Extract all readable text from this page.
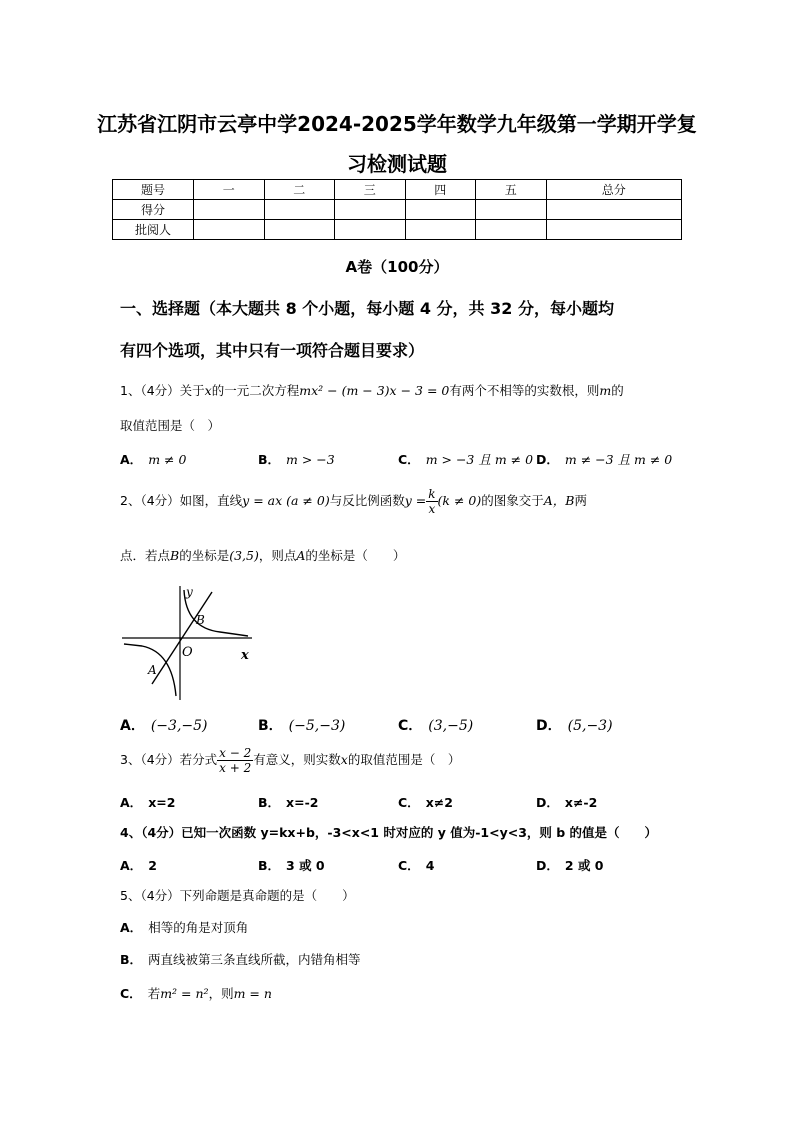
江苏省江阴市云亭中学2024-2025学年数学九年级第一学期开学复
习检测试题
题号	一	二	三	四	五	总分
得分						
批阅人						
A卷（100分）
一、选择题（本大题共 8 个小题，每小题 4 分，共 32 分，每小题均
有四个选项，其中只有一项符合题目要求）
1、（4分）关于x的一元二次方程mx² − (m − 3)x − 3 = 0有两个不相等的实数根，则m的
取值范围是（　）
A． m ≠ 0	B． m > −3	C． m > −3 且 m ≠ 0 D． m ≠ −3 且 m ≠ 0
2、（4分）如图，直线y = ax (a ≠ 0)与反比例函数$y = \frac{k}{x} (k \ne 0)$的图象交于A，B两
点．若点B的坐标是(3,5)，则点A的坐标是（　　）
y
x
O
A
B
A． (−3,−5)	B． (−5,−3)	C． (3,−5)	D． (5,−3)
3、（4分）若分式 $\frac{x - 2}{x + 2}$ 有意义，则实数x的取值范围是（　）
A． x=2	B． x=-2	C． x≠2	D． x≠-2
4、（4分）已知一次函数 y=kx+b，-3<x<1 时对应的 y 值为-1<y<3，则 b 的值是（　　）
A． 2	B． 3 或 0	C． 4	D． 2 或 0
5、（4分）下列命题是真命题的是（　　）
A． 相等的角是对顶角
B． 两直线被第三条直线所截，内错角相等
C． 若m² = n²，则m = n
